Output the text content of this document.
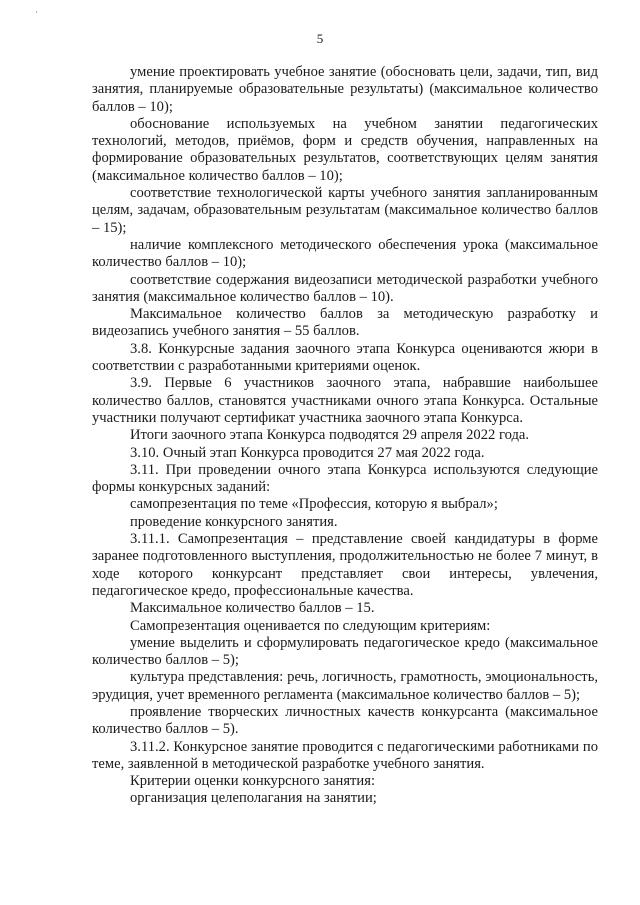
·
5

умение проектировать учебное занятие (обосновать цели, задачи, тип, вид занятия, планируемые образовательные результаты) (максимальное количество баллов – 10);

обоснование используемых на учебном занятии педагогических технологий, методов, приёмов, форм и средств обучения, направленных на формирование образовательных результатов, соответствующих целям занятия (максимальное количество баллов – 10);

соответствие технологической карты учебного занятия запланированным целям, задачам, образовательным результатам (максимальное количество баллов – 15);

наличие комплексного методического обеспечения урока (максимальное количество баллов – 10);

соответствие содержания видеозаписи методической разработки учебного занятия (максимальное количество баллов – 10).

Максимальное количество баллов за методическую разработку и видеозапись учебного занятия – 55 баллов.

3.8. Конкурсные задания заочного этапа Конкурса оцениваются жюри в соответствии с разработанными критериями оценок.

3.9. Первые 6 участников заочного этапа, набравшие наибольшее количество баллов, становятся участниками очного этапа Конкурса. Остальные участники получают сертификат участника заочного этапа Конкурса.

Итоги заочного этапа Конкурса подводятся 29 апреля 2022 года.

3.10. Очный этап Конкурса проводится 27 мая 2022 года.

3.11. При проведении очного этапа Конкурса используются следующие формы конкурсных заданий:

самопрезентация по теме «Профессия, которую я выбрал»;

проведение конкурсного занятия.

3.11.1. Самопрезентация – представление своей кандидатуры в форме заранее подготовленного выступления, продолжительностью не более 7 минут, в ходе которого конкурсант представляет свои интересы, увлечения, педагогическое кредо, профессиональные качества.

Максимальное количество баллов – 15.

Самопрезентация оценивается по следующим критериям:

умение выделить и сформулировать педагогическое кредо (максимальное количество баллов – 5);

культура представления: речь, логичность, грамотность, эмоциональность, эрудиция, учет временного регламента (максимальное количество баллов – 5);

проявление творческих личностных качеств конкурсанта (максимальное количество баллов – 5).

3.11.2. Конкурсное занятие проводится с педагогическими работниками по теме, заявленной в методической разработке учебного занятия.

Критерии оценки конкурсного занятия:

организация целеполагания на занятии;
